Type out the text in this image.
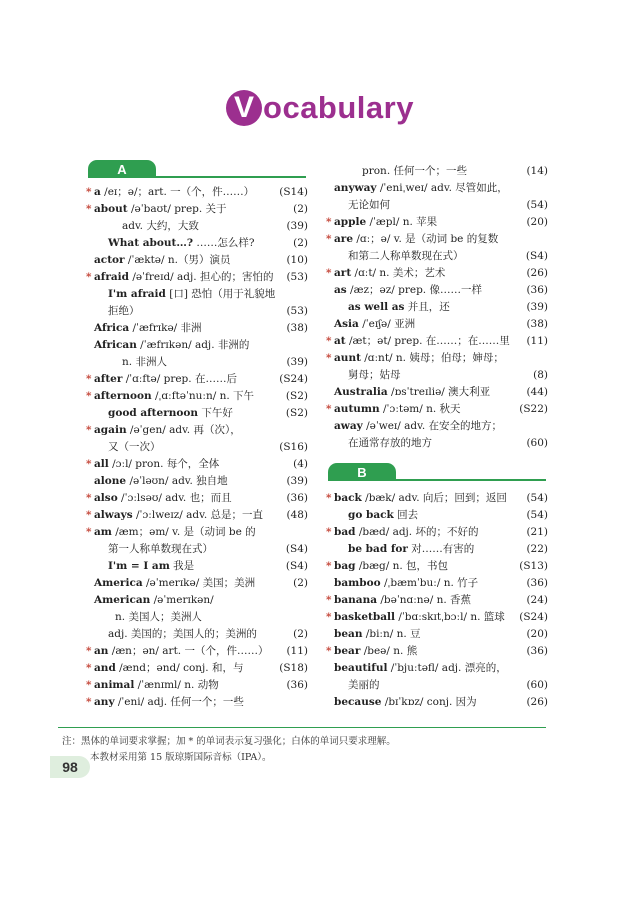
V ocabulary
A
B
* a /eɪ；ə/；art. 一（个，件……） (S14)
* about /əˈbaʊt/ prep. 关于	(2)
adv. 大约，大致	(39)
What about…? ……怎么样?	(2)
actor /ˈæktə/ n.（男）演员	(10)
* afraid /əˈfreɪd/ adj. 担心的；害怕的 (53)
I'm afraid [口] 恐怕（用于礼貌地
拒绝）	(53)
Africa /ˈæfrɪkə/ 非洲	(38)
African /ˈæfrɪkən/ adj. 非洲的
n. 非洲人	(39)
* after /ˈɑːftə/ prep. 在……后	(S24)
* afternoon /ˌɑːftəˈnuːn/ n. 下午	(S2)
good afternoon 下午好	(S2)
* again /əˈgen/ adv. 再（次），
又（一次）	(S16)
* all /ɔːl/ pron. 每个，全体	(4)
alone /əˈləʊn/ adv. 独自地	(39)
* also /ˈɔːlsəʊ/ adv. 也；而且	(36)
* always /ˈɔːlweɪz/ adv. 总是；一直 (48)
* am /æm；əm/ v. 是（动词 be 的
第一人称单数现在式）	(S4)
I'm = I am 我是	(S4)
America /əˈmerɪkə/ 美国；美洲	(2)
American /əˈmerɪkən/
n. 美国人；美洲人
adj. 美国的；美国人的；美洲的	(2)
* an /æn；ən/ art. 一（个，件……） (11)
* and /ænd；ənd/ conj. 和，与	(S18)
* animal /ˈænɪml/ n. 动物	(36)
* any /ˈeni/ adj. 任何一个；一些
pron. 任何一个；一些	(14)
anyway /ˈeniˌweɪ/ adv. 尽管如此，
无论如何	(54)
* apple /ˈæpl/ n. 苹果	(20)
* are /ɑː；ə/ v. 是（动词 be 的复数
和第二人称单数现在式）	(S4)
* art /ɑːt/ n. 美术；艺术	(26)
as /æz；əz/ prep. 像……一样	(36)
as well as 并且，还	(39)
Asia /ˈeɪʃə/ 亚洲	(38)
* at /æt；ət/ prep. 在……；在……里 (11)
* aunt /ɑːnt/ n. 姨母；伯母；婶母；
舅母；姑母	(8)
Australia /ɒsˈtreɪliə/ 澳大利亚	(44)
* autumn /ˈɔːtəm/ n. 秋天	(S22)
away /əˈweɪ/ adv. 在安全的地方；
在通常存放的地方	(60)
* back /bæk/ adv. 向后；回到；返回 (54)
go back 回去	(54)
* bad /bæd/ adj. 坏的；不好的	(21)
be bad for 对……有害的	(22)
* bag /bæg/ n. 包，书包	(S13)
bamboo /ˌbæmˈbuː/ n. 竹子	(36)
* banana /bəˈnɑːnə/ n. 香蕉	(24)
* basketball /ˈbɑːskɪtˌbɔːl/ n. 篮球 (S24)
bean /biːn/ n. 豆	(20)
* bear /beə/ n. 熊	(36)
beautiful /ˈbjuːtəfl/ adj. 漂亮的，
美丽的	(60)
because /bɪˈkɒz/ conj. 因为	(26)
注：黑体的单词要求掌握；加 * 的单词表示复习强化；白体的单词只要求理解。
本教材采用第 15 版琼斯国际音标（IPA）。
98
